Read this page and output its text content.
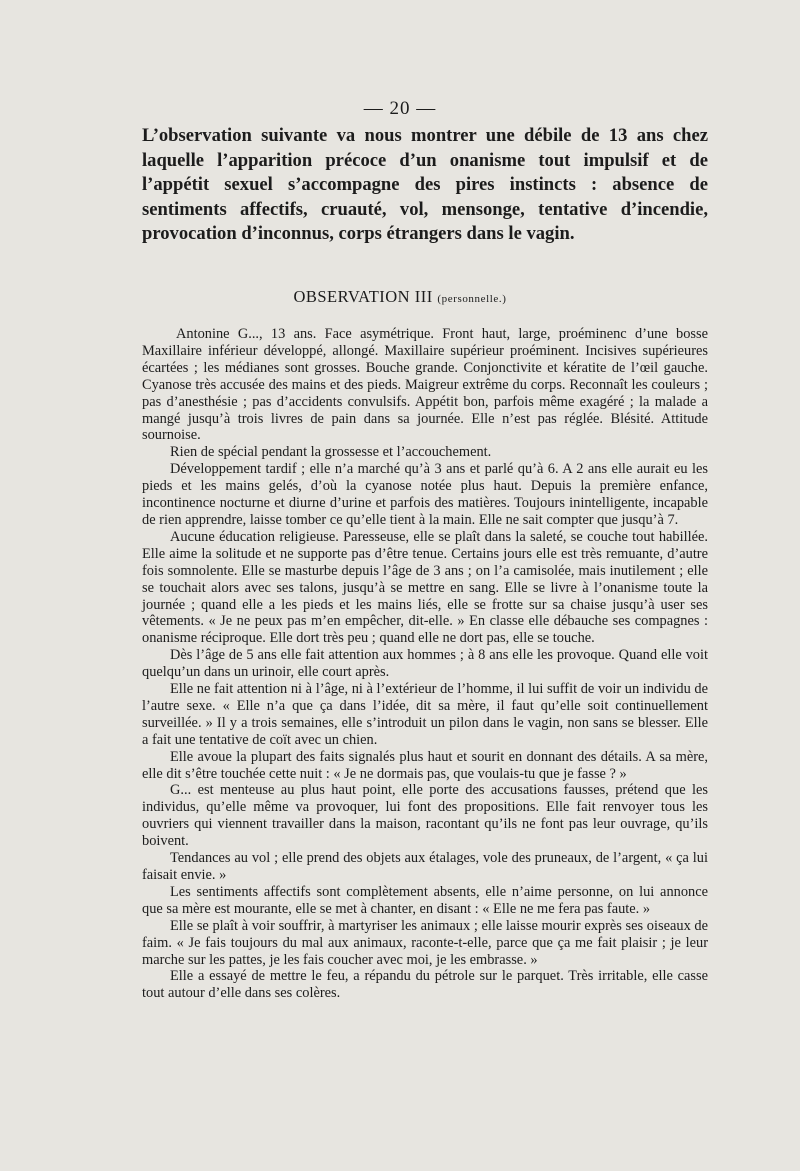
— 20 —
L’observation suivante va nous montrer une débile de 13 ans chez laquelle l’apparition précoce d’un onanisme tout impulsif et de l’appétit sexuel s’accompagne des pires instincts : absence de sentiments affectifs, cruauté, vol, mensonge, tentative d’incendie, provocation d’inconnus, corps étrangers dans le vagin.
OBSERVATION III (personnelle.)

Antonine G..., 13 ans. Face asymétrique. Front haut, large, proéminenc d’une bosse Maxillaire inférieur développé, allongé. Maxillaire supérieur proéminent. Incisives supérieures écartées ; les médianes sont grosses. Bouche grande. Conjonctivite et kératite de l’œil gauche. Cyanose très accusée des mains et des pieds. Maigreur extrême du corps. Reconnaît les couleurs ; pas d’anesthésie ; pas d’accidents convulsifs. Appétit bon, parfois même exagéré ; la malade a mangé jusqu’à trois livres de pain dans sa journée. Elle n’est pas réglée. Blésité. Attitude sournoise.

Rien de spécial pendant la grossesse et l’accouchement.

Développement tardif ; elle n’a marché qu’à 3 ans et parlé qu’à 6. A 2 ans elle aurait eu les pieds et les mains gelés, d’où la cyanose notée plus haut. Depuis la première enfance, incontinence nocturne et diurne d’urine et parfois des matières. Toujours inintelligente, incapable de rien apprendre, laisse tomber ce qu’elle tient à la main. Elle ne sait compter que jusqu’à 7.

Aucune éducation religieuse. Paresseuse, elle se plaît dans la saleté, se couche tout habillée. Elle aime la solitude et ne supporte pas d’être tenue. Certains jours elle est très remuante, d’autre fois somnolente. Elle se masturbe depuis l’âge de 3 ans ; on l’a camisolée, mais inutilement ; elle se touchait alors avec ses talons, jusqu’à se mettre en sang. Elle se livre à l’onanisme toute la journée ; quand elle a les pieds et les mains liés, elle se frotte sur sa chaise jusqu’à user ses vêtements. « Je ne peux pas m’en empêcher, dit-elle. » En classe elle débauche ses compagnes : onanisme réciproque. Elle dort très peu ; quand elle ne dort pas, elle se touche.

Dès l’âge de 5 ans elle fait attention aux hommes ; à 8 ans elle les provoque. Quand elle voit quelqu’un dans un urinoir, elle court après.

Elle ne fait attention ni à l’âge, ni à l’extérieur de l’homme, il lui suffit de voir un individu de l’autre sexe. « Elle n’a que ça dans l’idée, dit sa mère, il faut qu’elle soit continuellement surveillée. » Il y a trois semaines, elle s’introduit un pilon dans le vagin, non sans se blesser. Elle a fait une tentative de coït avec un chien.

Elle avoue la plupart des faits signalés plus haut et sourit en donnant des détails. A sa mère, elle dit s’être touchée cette nuit : « Je ne dormais pas, que voulais-tu que je fasse ? »

G... est menteuse au plus haut point, elle porte des accusations fausses, prétend que les individus, qu’elle même va provoquer, lui font des propositions. Elle fait renvoyer tous les ouvriers qui viennent travailler dans la maison, racontant qu’ils ne font pas leur ouvrage, qu’ils boivent.

Tendances au vol ; elle prend des objets aux étalages, vole des pruneaux, de l’argent, « ça lui faisait envie. »

Les sentiments affectifs sont complètement absents, elle n’aime personne, on lui annonce que sa mère est mourante, elle se met à chanter, en disant : « Elle ne me fera pas faute. »

Elle se plaît à voir souffrir, à martyriser les animaux ; elle laisse mourir exprès ses oiseaux de faim. « Je fais toujours du mal aux animaux, raconte-t-elle, parce que ça me fait plaisir ; je leur marche sur les pattes, je les fais coucher avec moi, je les embrasse. »

Elle a essayé de mettre le feu, a répandu du pétrole sur le parquet. Très irritable, elle casse tout autour d’elle dans ses colères.
